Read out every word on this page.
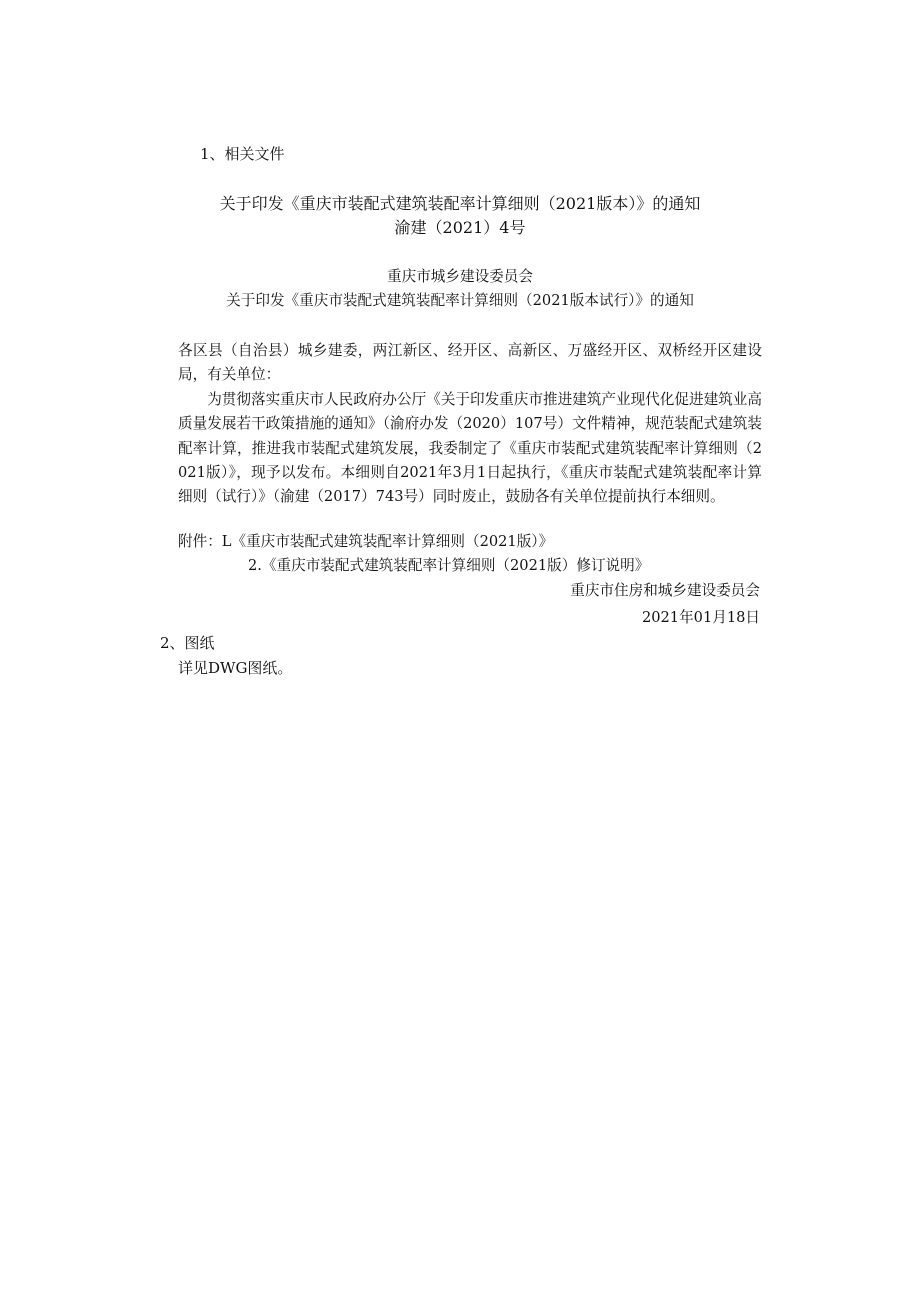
1、相关文件
关于印发《重庆市装配式建筑装配率计算细则（2021版本）》的通知
渝建（2021）4号
重庆市城乡建设委员会
关于印发《重庆市装配式建筑装配率计算细则（2021版本试行）》的通知
各区县（自治县）城乡建委，两江新区、经开区、高新区、万盛经开区、双桥经开区建设局，有关单位：
为贯彻落实重庆市人民政府办公厅《关于印发重庆市推进建筑产业现代化促进建筑业高质量发展若干政策措施的通知》（渝府办发（2020）107号）文件精神，规范装配式建筑装配率计算，推进我市装配式建筑发展，我委制定了《重庆市装配式建筑装配率计算细则（2021版）》，现予以发布。本细则自2021年3月1日起执行，《重庆市装配式建筑装配率计算细则（试行）》（渝建（2017）743号）同时废止，鼓励各有关单位提前执行本细则。
附件：L《重庆市装配式建筑装配率计算细则（2021版）》
2.《重庆市装配式建筑装配率计算细则（2021版）修订说明》
重庆市住房和城乡建设委员会
2021年01月18日
2、图纸
详见DWG图纸。
